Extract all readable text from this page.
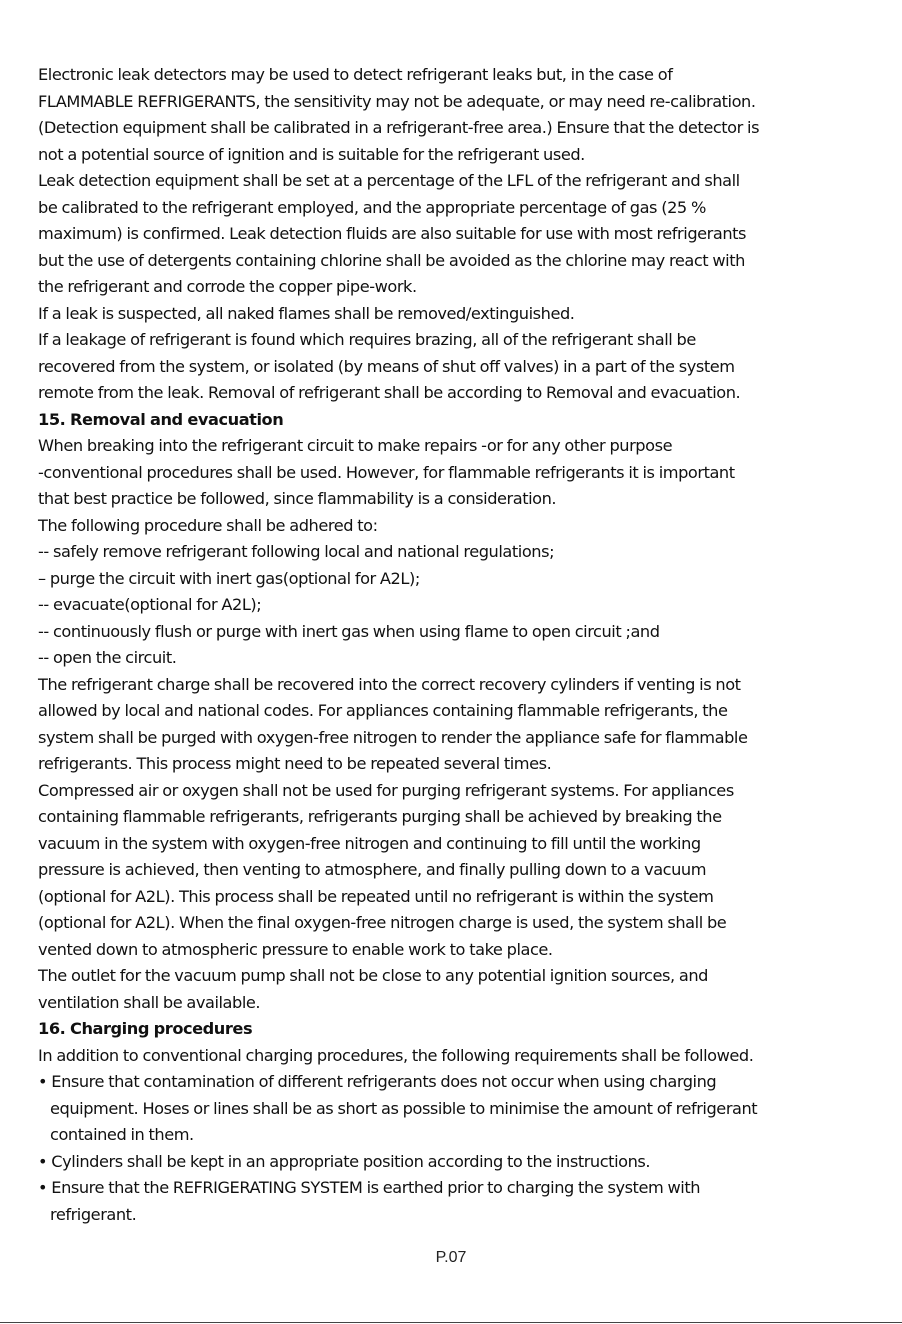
Electronic leak detectors may be used to detect refrigerant leaks but, in the case of
FLAMMABLE REFRIGERANTS, the sensitivity may not be adequate, or may need re-calibration.
(Detection equipment shall be calibrated in a refrigerant-free area.) Ensure that the detector is
not a potential source of ignition and is suitable for the refrigerant used.
Leak detection equipment shall be set at a percentage of the LFL of the refrigerant and shall
be calibrated to the refrigerant employed, and the appropriate percentage of gas (25 %
maximum) is confirmed. Leak detection fluids are also suitable for use with most refrigerants
but the use of detergents containing chlorine shall be avoided as the chlorine may react with
the refrigerant and corrode the copper pipe-work.
If a leak is suspected, all naked flames shall be removed/extinguished.
If a leakage of refrigerant is found which requires brazing, all of the refrigerant shall be
recovered from the system, or isolated (by means of shut off valves) in a part of the system
remote from the leak. Removal of refrigerant shall be according to Removal and evacuation.
15. Removal and evacuation
When breaking into the refrigerant circuit to make repairs -or for any other purpose
-conventional procedures shall be used. However, for flammable refrigerants it is important
that best practice be followed, since flammability is a consideration.
The following procedure shall be adhered to:
-- safely remove refrigerant following local and national regulations;
– purge the circuit with inert gas(optional for A2L);
-- evacuate(optional for A2L);
-- continuously flush or purge with inert gas when using flame to open circuit ;and
-- open the circuit.
The refrigerant charge shall be recovered into the correct recovery cylinders if venting is not
allowed by local and national codes. For appliances containing flammable refrigerants, the
system shall be purged with oxygen-free nitrogen to render the appliance safe for flammable
refrigerants. This process might need to be repeated several times.
Compressed air or oxygen shall not be used for purging refrigerant systems. For appliances
containing flammable refrigerants, refrigerants purging shall be achieved by breaking the
vacuum in the system with oxygen-free nitrogen and continuing to fill until the working
pressure is achieved, then venting to atmosphere, and finally pulling down to a vacuum
(optional for A2L). This process shall be repeated until no refrigerant is within the system
(optional for A2L). When the final oxygen-free nitrogen charge is used, the system shall be
vented down to atmospheric pressure to enable work to take place.
The outlet for the vacuum pump shall not be close to any potential ignition sources, and
ventilation shall be available.
16. Charging procedures
In addition to conventional charging procedures, the following requirements shall be followed.
• Ensure that contamination of different refrigerants does not occur when using charging
equipment. Hoses or lines shall be as short as possible to minimise the amount of refrigerant
contained in them.
• Cylinders shall be kept in an appropriate position according to the instructions.
• Ensure that the REFRIGERATING SYSTEM is earthed prior to charging the system with
refrigerant.
P.07
